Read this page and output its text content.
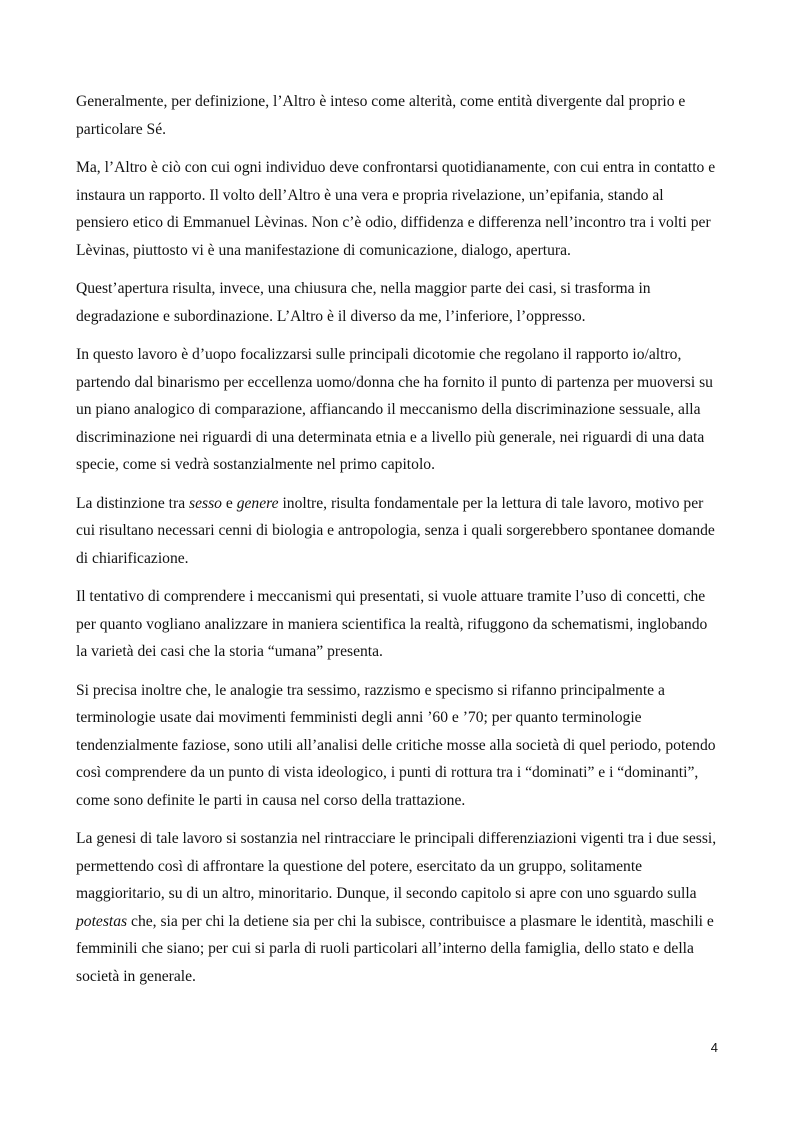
Generalmente, per definizione, l’Altro è inteso come alterità, come entità divergente dal proprio e particolare Sé.

Ma, l’Altro è ciò con cui ogni individuo deve confrontarsi quotidianamente, con cui entra in contatto e instaura un rapporto. Il volto dell’Altro è una vera e propria rivelazione, un’epifania, stando al pensiero etico di Emmanuel Lèvinas. Non c’è odio, diffidenza e differenza nell’incontro tra i volti per Lèvinas, piuttosto vi è una manifestazione di comunicazione, dialogo, apertura.

Quest’apertura risulta, invece, una chiusura che, nella maggior parte dei casi, si trasforma in degradazione e subordinazione. L’Altro è il diverso da me, l’inferiore, l’oppresso.

In questo lavoro è d’uopo focalizzarsi sulle principali dicotomie che regolano il rapporto io/altro, partendo dal binarismo per eccellenza uomo/donna che ha fornito il punto di partenza per muoversi su un piano analogico di comparazione, affiancando il meccanismo della discriminazione sessuale, alla discriminazione nei riguardi di una determinata etnia e a livello più generale, nei riguardi di una data specie, come si vedrà sostanzialmente nel primo capitolo.

La distinzione tra sesso e genere inoltre, risulta fondamentale per la lettura di tale lavoro, motivo per cui risultano necessari cenni di biologia e antropologia, senza i quali sorgerebbero spontanee domande di chiarificazione.

Il tentativo di comprendere i meccanismi qui presentati, si vuole attuare tramite l’uso di concetti, che per quanto vogliano analizzare in maniera scientifica la realtà, rifuggono da schematismi, inglobando la varietà dei casi che la storia “umana” presenta.

Si precisa inoltre che, le analogie tra sessimo, razzismo e specismo si rifanno principalmente a terminologie usate dai movimenti femministi degli anni ’60 e ’70; per quanto terminologie tendenzialmente faziose, sono utili all’analisi delle critiche mosse alla società di quel periodo, potendo così comprendere da un punto di vista ideologico, i punti di rottura tra i “dominati” e i “dominanti”, come sono definite le parti in causa nel corso della trattazione.

La genesi di tale lavoro si sostanzia nel rintracciare le principali differenziazioni vigenti tra i due sessi, permettendo così di affrontare la questione del potere, esercitato da un gruppo, solitamente maggioritario, su di un altro, minoritario. Dunque, il secondo capitolo si apre con uno sguardo sulla potestas che, sia per chi la detiene sia per chi la subisce, contribuisce a plasmare le identità, maschili e femminili che siano; per cui si parla di ruoli particolari all’interno della famiglia, dello stato e della società in generale.

4
